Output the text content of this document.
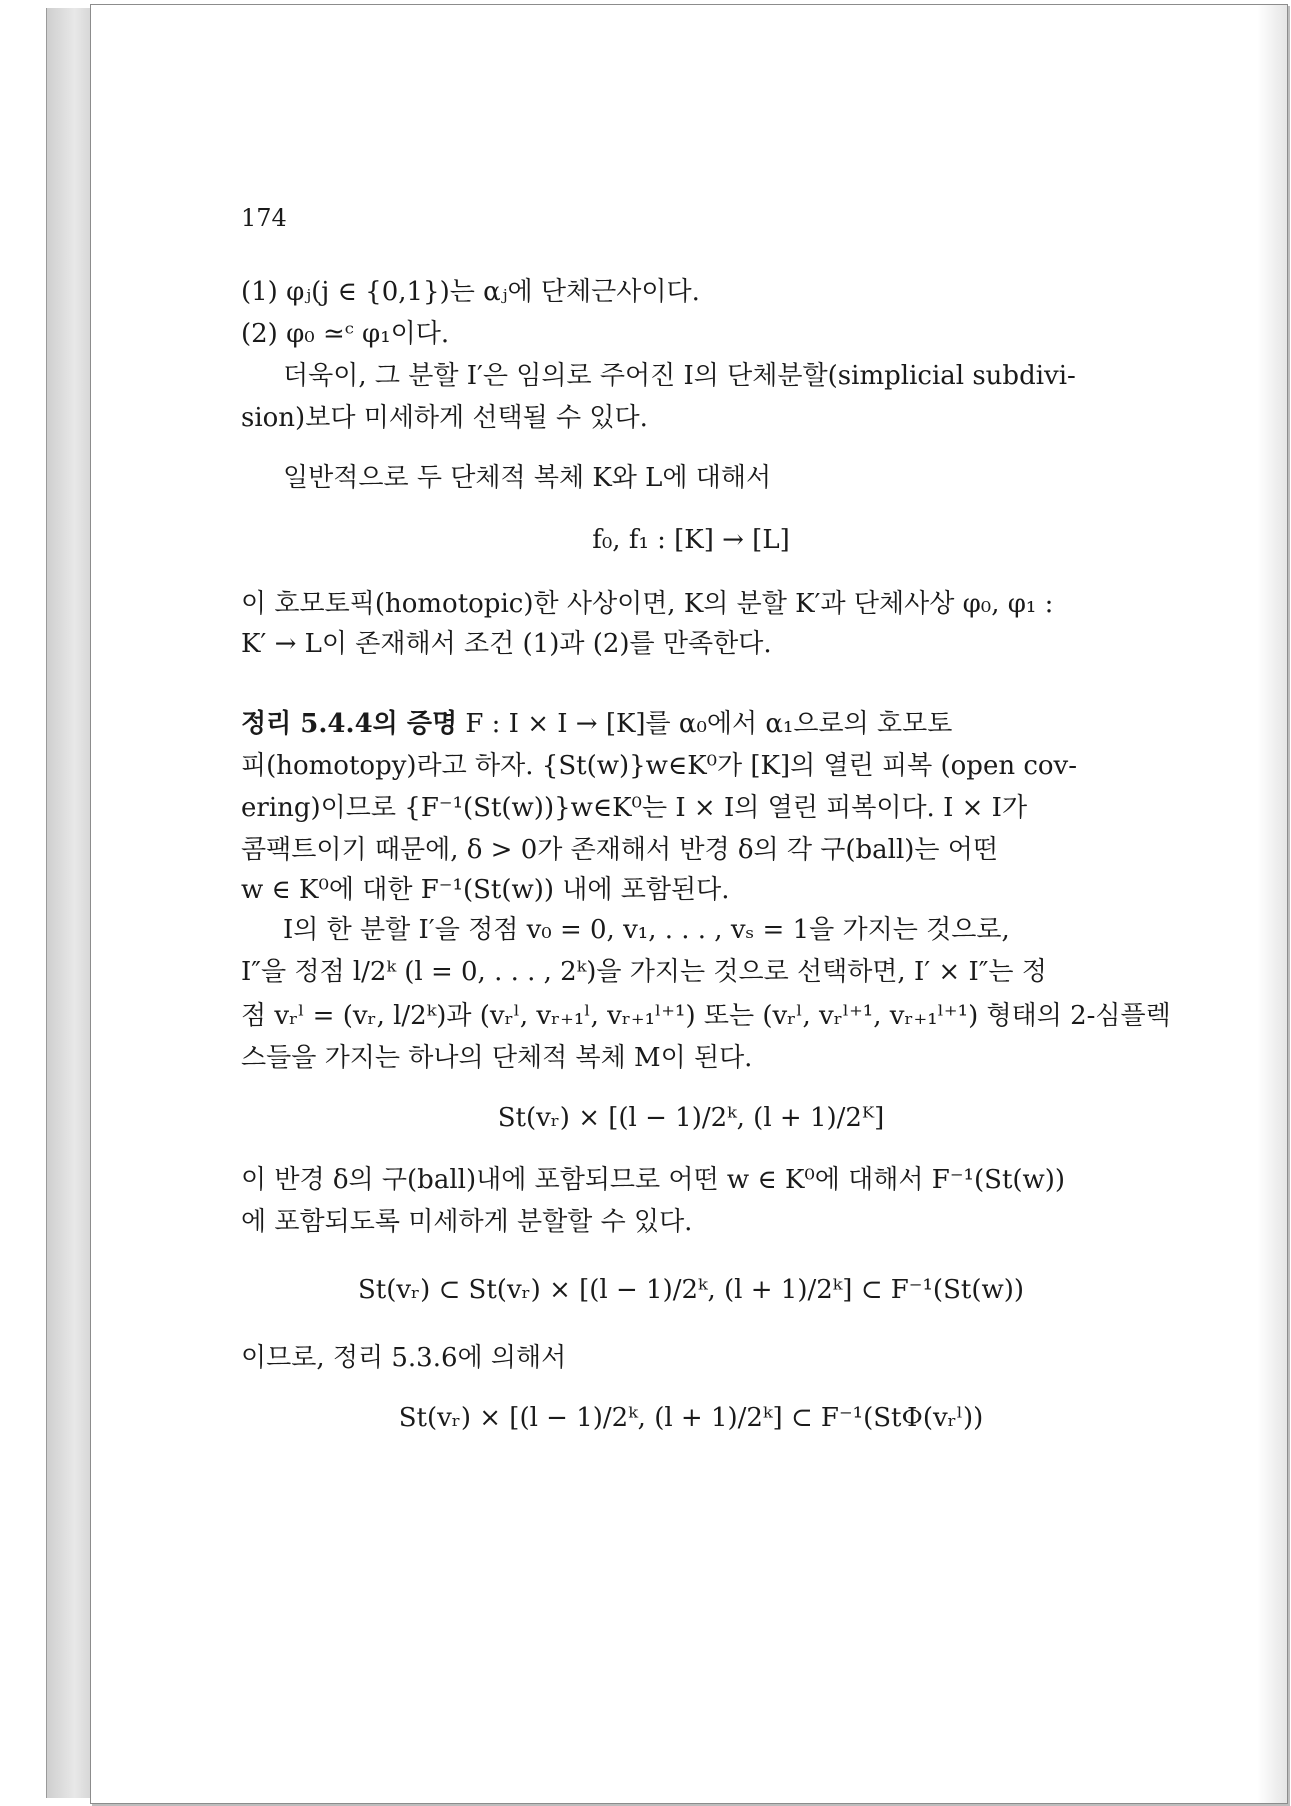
174
(1) φⱼ(j ∈ {0,1})는 αⱼ에 단체근사이다.
(2) φ₀ ≃ᶜ φ₁이다.
더욱이, 그 분할 I′은 임의로 주어진 I의 단체분할(simplicial subdivi-
sion)보다 미세하게 선택될 수 있다.
일반적으로 두 단체적 복체 K와 L에 대해서
f₀, f₁ : [K] → [L]
이 호모토픽(homotopic)한 사상이면, K의 분할 K′과 단체사상 φ₀, φ₁ :
K′ → L이 존재해서 조건 (1)과 (2)를 만족한다.
정리 5.4.4의 증명 F : I × I → [K]를 α₀에서 α₁으로의 호모토
피(homotopy)라고 하자. {St(w)}w∈K⁰가 [K]의 열린 피복 (open cov-
ering)이므로 {F⁻¹(St(w))}w∈K⁰는 I × I의 열린 피복이다. I × I가
콤팩트이기 때문에, δ > 0가 존재해서 반경 δ의 각 구(ball)는 어떤
w ∈ K⁰에 대한 F⁻¹(St(w)) 내에 포함된다.
I의 한 분할 I′을 정점 v₀ = 0, v₁, . . . , vₛ = 1을 가지는 것으로,
I″을 정점 l/2ᵏ (l = 0, . . . , 2ᵏ)을 가지는 것으로 선택하면, I′ × I″는 정
점 vᵣˡ = (vᵣ, l/2ᵏ)과 (vᵣˡ, vᵣ₊₁ˡ, vᵣ₊₁ˡ⁺¹) 또는 (vᵣˡ, vᵣˡ⁺¹, vᵣ₊₁ˡ⁺¹) 형태의 2-심플렉
스들을 가지는 하나의 단체적 복체 M이 된다.
St(vᵣ) × [(l − 1)/2ᵏ, (l + 1)/2ᴷ]
이 반경 δ의 구(ball)내에 포함되므로 어떤 w ∈ K⁰에 대해서 F⁻¹(St(w))
에 포함되도록 미세하게 분할할 수 있다.
St(vᵣ) ⊂ St(vᵣ) × [(l − 1)/2ᵏ, (l + 1)/2ᵏ] ⊂ F⁻¹(St(w))
이므로, 정리 5.3.6에 의해서
St(vᵣ) × [(l − 1)/2ᵏ, (l + 1)/2ᵏ] ⊂ F⁻¹(StΦ(vᵣˡ))
